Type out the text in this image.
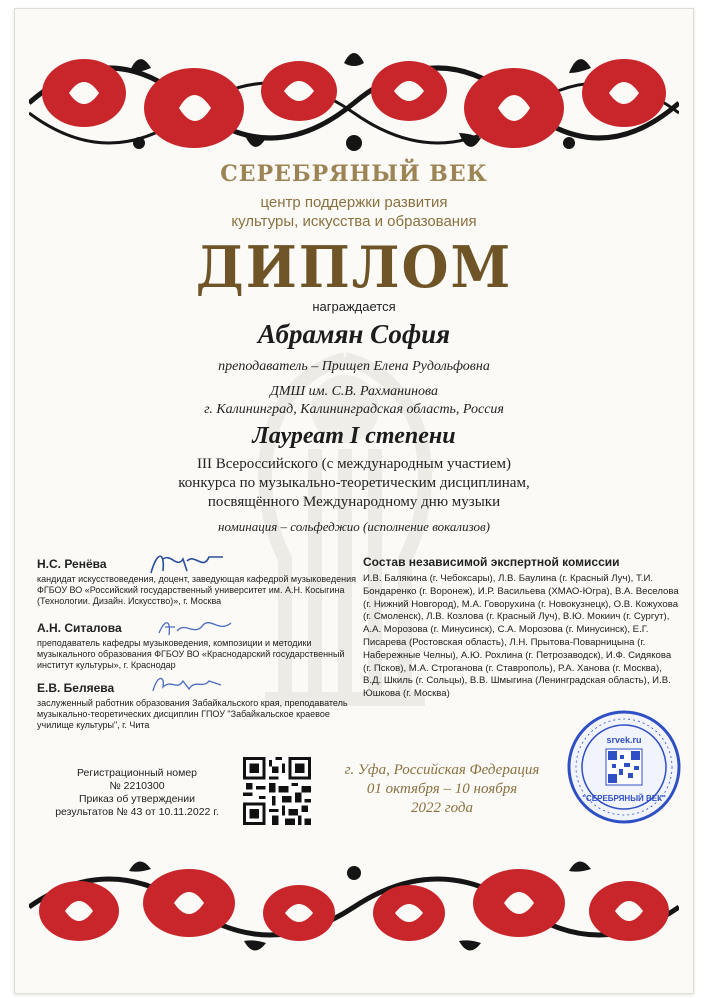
СЕРЕБРЯНЫЙ ВЕК
центр поддержки развития
культуры, искусства и образования
ДИПЛОМ
награждается
Абрамян София
преподаватель – Прищеп Елена Рудольфовна
ДМШ им. С.В. Рахманинова
г. Калининград, Калининградская область, Россия
Лауреат I степени
III Всероссийского (с международным участием)
конкурса по музыкально-теоретическим дисциплинам,
посвящённого Международному дню музыки
номинация – сольфеджио (исполнение вокализов)
Н.С. Ренёва
кандидат искусствоведения, доцент, заведующая кафедрой музыковедения ФГБОУ ВО «Российский государственный университет им. А.Н. Косыгина (Технологии. Дизайн. Искусство)», г. Москва
А.Н. Ситалова
преподаватель кафедры музыковедения, композиции и методики музыкального образования ФГБОУ ВО «Краснодарский государственный институт культуры», г. Краснодар
Е.В. Беляева
заслуженный работник образования Забайкальского края, преподаватель музыкально-теоретических дисциплин ГПОУ "Забайкальское краевое училище культуры", г. Чита
Состав независимой экспертной комиссии
И.В. Балякина (г. Чебоксары), Л.В. Баулина (г. Красный Луч), Т.И. Бондаренко (г. Воронеж), И.Р. Васильева (ХМАО-Югра), В.А. Веселова (г. Нижний Новгород), М.А. Говорухина (г. Новокузнецк), О.В. Кожухова (г. Смоленск), Л.В. Козлова (г. Красный Луч), В.Ю. Мокиич (г. Сургут), А.А. Морозова (г. Минусинск), С.А. Морозова (г. Минусинск), Е.Г. Писарева (Ростовская область), Л.Н. Прытова-Поварницына (г. Набережные Челны), А.Ю. Рохлина (г. Петрозаводск), И.Ф. Сидякова (г. Псков), М.А. Строганова (г. Ставрополь), Р.А. Ханова (г. Москва), В.Д. Шкиль (г. Сольцы), В.В. Шмыгина (Ленинградская область), И.В. Юшкова (г. Москва)
Регистрационный номер
№ 2210300
Приказ об утверждении
результатов № 43 от 10.11.2022 г.
г. Уфа, Российская Федерация
01 октября – 10 ноября
2022 года
srvek.ru
"СЕРЕБРЯНЫЙ ВЕК"
